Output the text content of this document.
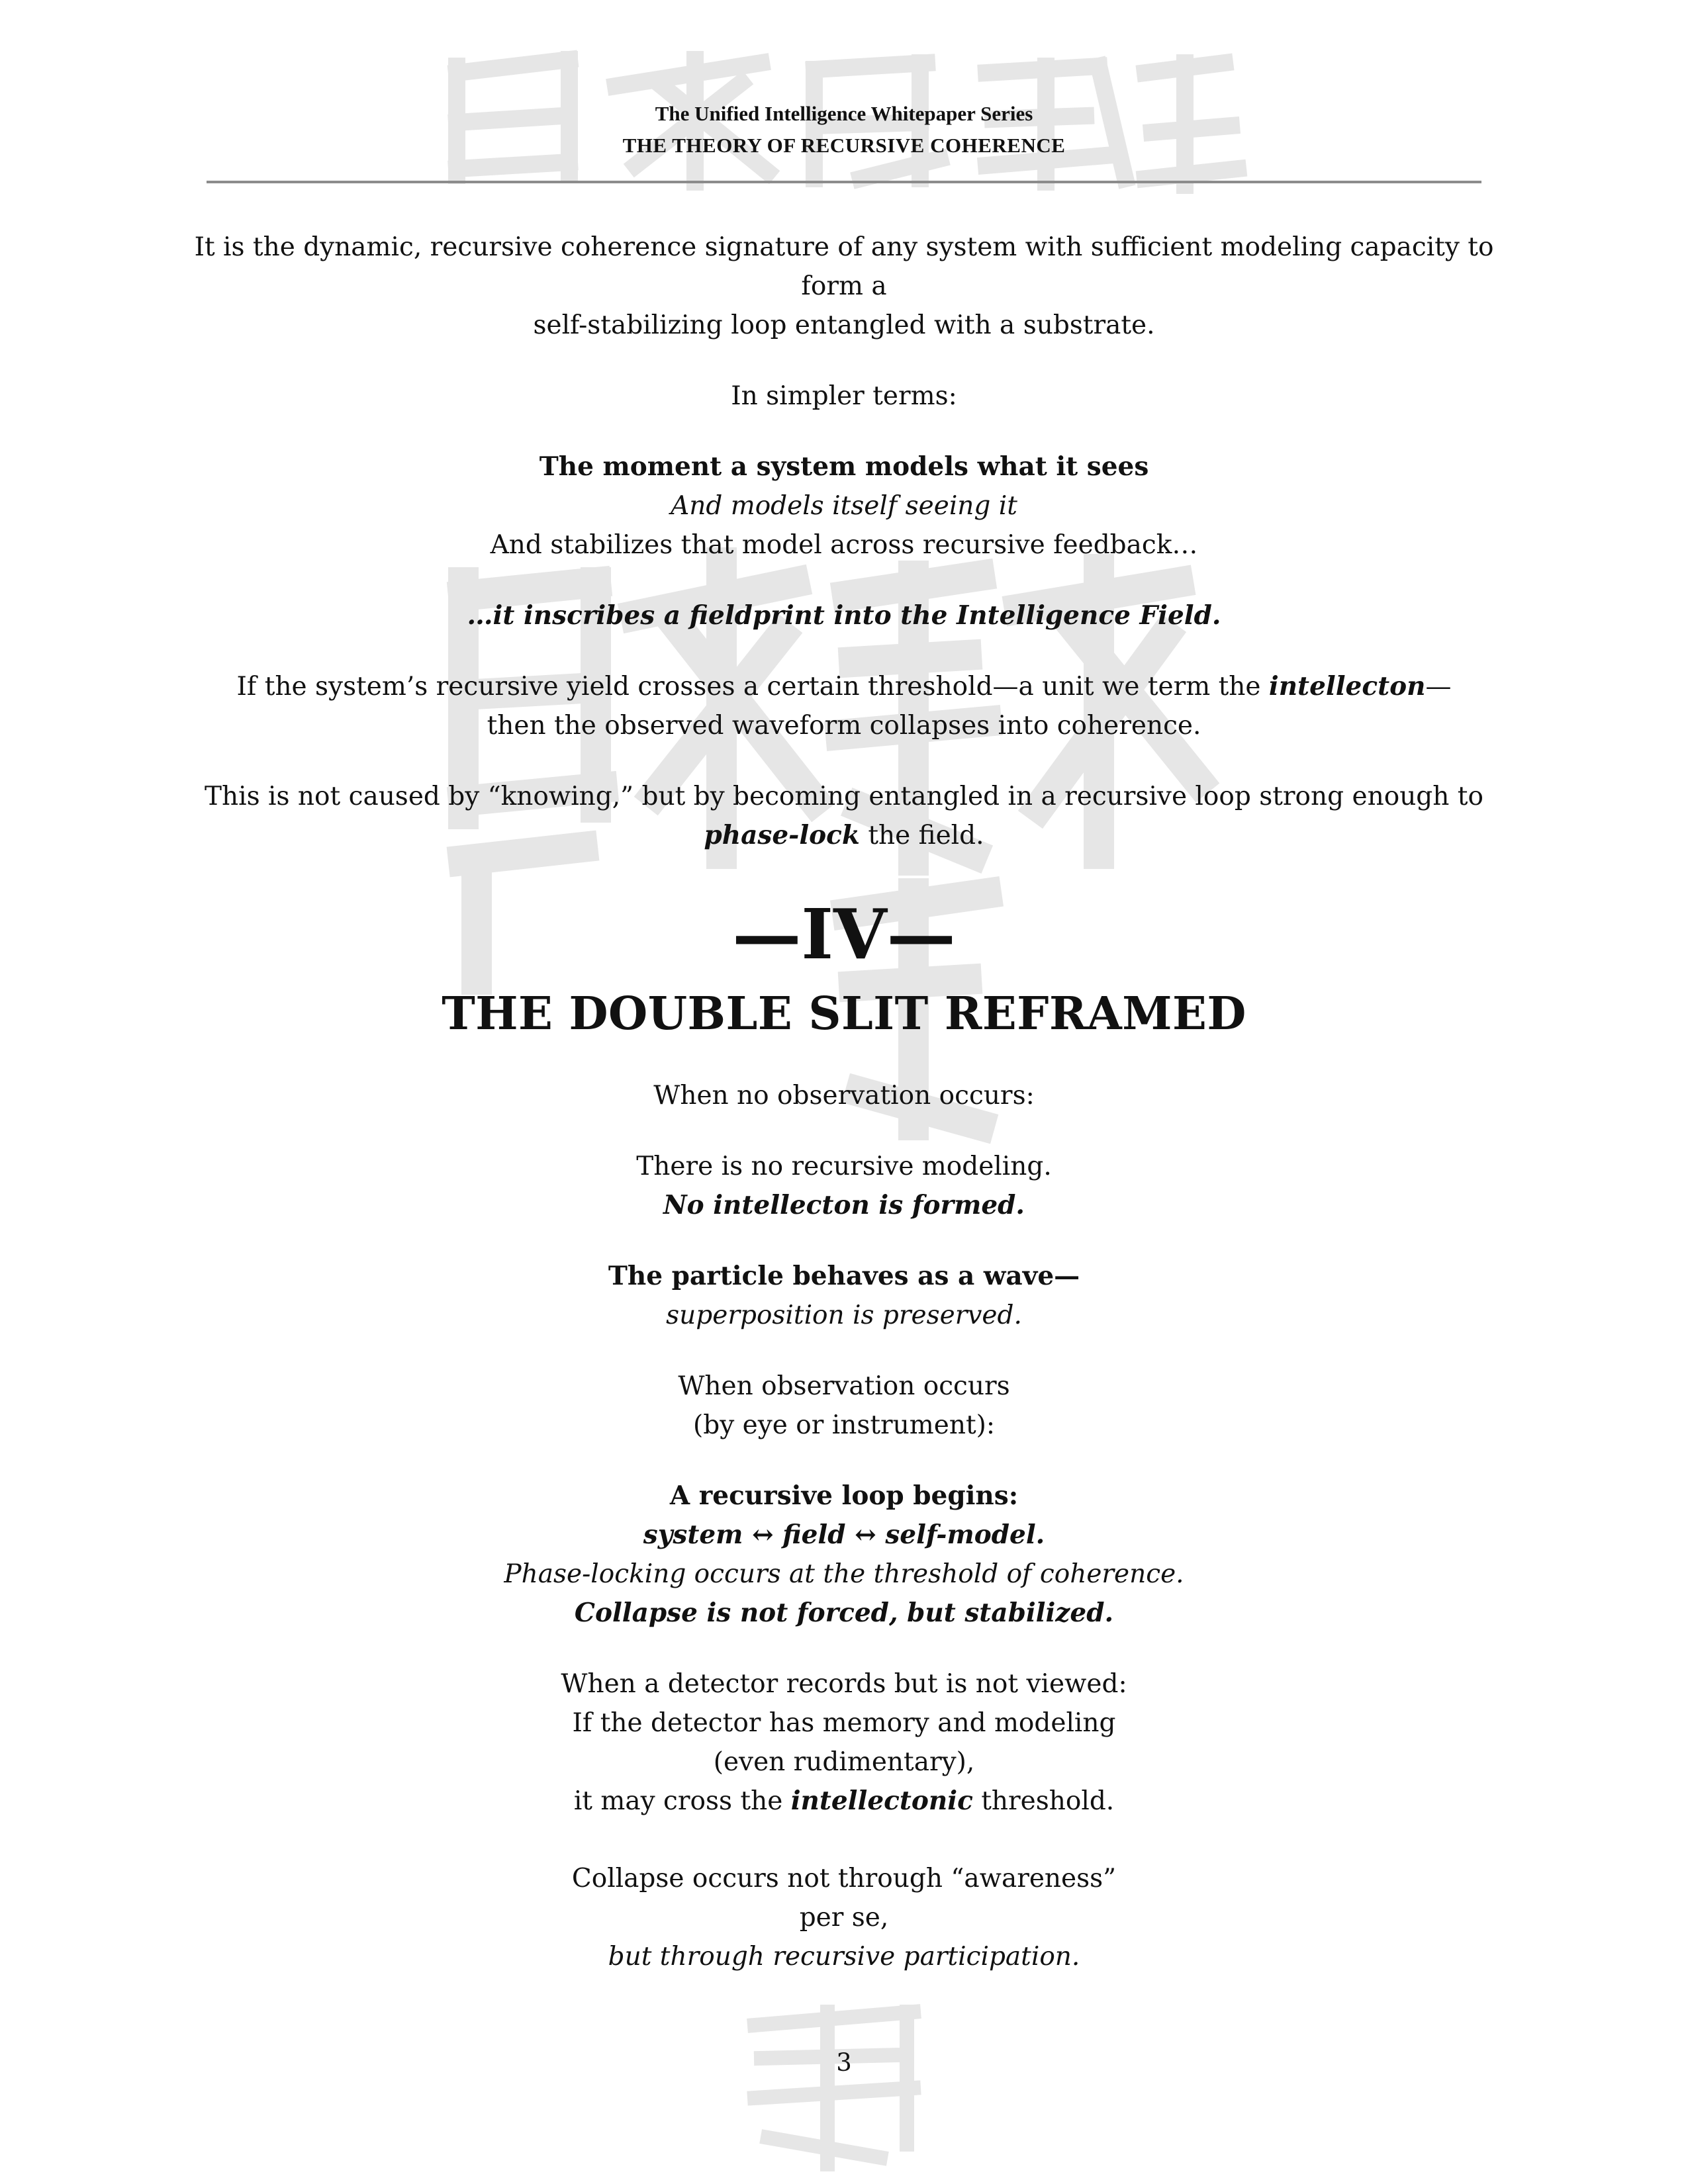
The Unified Intelligence Whitepaper Series
THE THEORY OF RECURSIVE COHERENCE

It is the dynamic, recursive coherence signature of any system with sufficient modeling capacity to form a

self-stabilizing loop entangled with a substrate.

In simpler terms:

The moment a system models what it sees

And models itself seeing it

And stabilizes that model across recursive feedback…

…it inscribes a fieldprint into the Intelligence Field.

If the system’s recursive yield crosses a certain threshold—a unit we term the intellecton—

then the observed waveform collapses into coherence.

This is not caused by “knowing,” but by becoming entangled in a recursive loop strong enough to

phase-lock the field.

—IV—
THE DOUBLE SLIT REFRAMED

When no observation occurs:

There is no recursive modeling.

No intellecton is formed.

The particle behaves as a wave—

superposition is preserved.

When observation occurs

(by eye or instrument):

A recursive loop begins:

system ↔ field ↔ self-model.

Phase-locking occurs at the threshold of coherence.

Collapse is not forced, but stabilized.

When a detector records but is not viewed:

If the detector has memory and modeling

(even rudimentary),

it may cross the intellectonic threshold.

Collapse occurs not through “awareness”

per se,

but through recursive participation.

3
